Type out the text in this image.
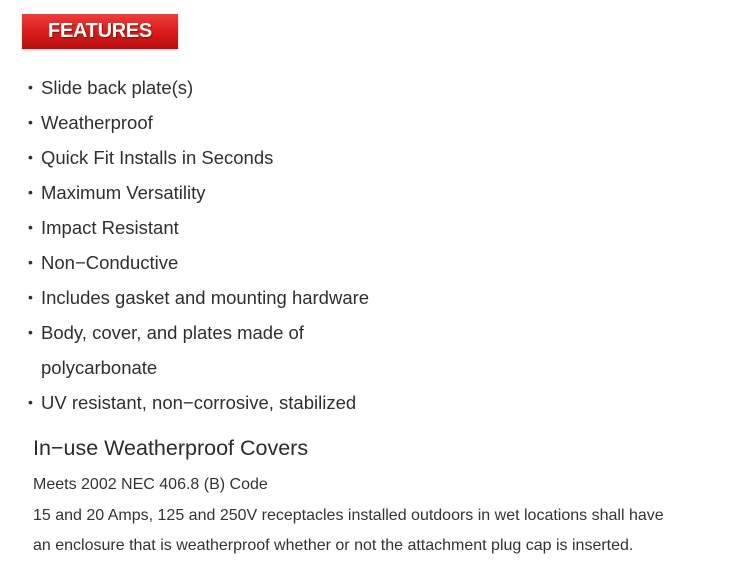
FEATURES
• Slide back plate(s)
• Weatherproof
• Quick Fit Installs in Seconds
• Maximum Versatility
• Impact Resistant
• Non−Conductive
• Includes gasket and mounting hardware
• Body, cover, and plates made of
polycarbonate
• UV resistant, non−corrosive, stabilized
In−use Weatherproof Covers

Meets 2002 NEC 406.8 (B) Code

15 and 20 Amps, 125 and 250V receptacles installed outdoors in wet locations shall have

an enclosure that is weatherproof whether or not the attachment plug cap is inserted.
